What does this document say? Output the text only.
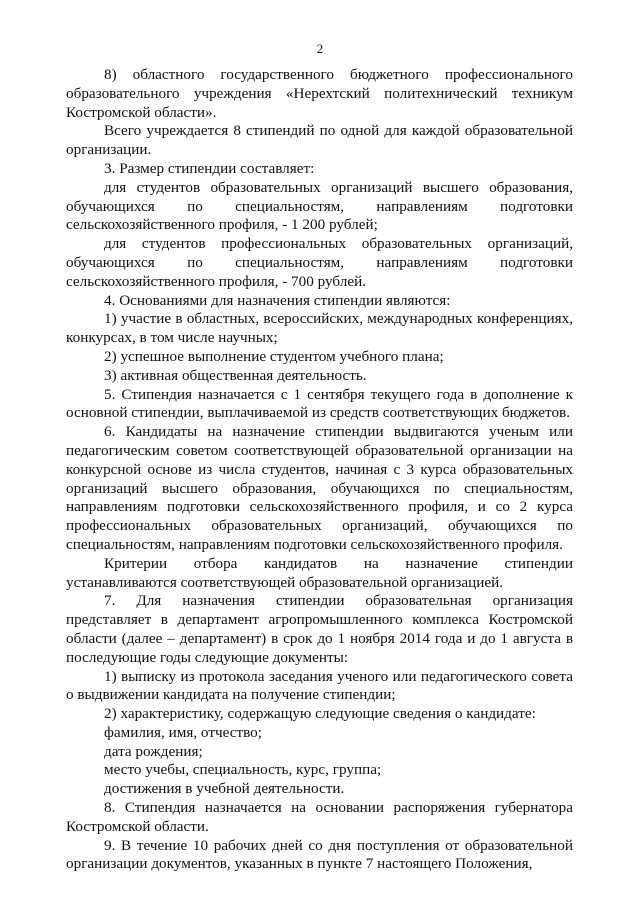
2

8) областного государственного бюджетного профессионального образовательного учреждения «Нерехтский политехнический техникум Костромской области».

Всего учреждается 8 стипендий по одной для каждой образовательной организации.

3. Размер стипендии составляет:

для студентов образовательных организаций высшего образования, обучающихся по специальностям, направлениям подготовки сельскохозяйственного профиля, - 1 200 рублей;

для студентов профессиональных образовательных организаций, обучающихся по специальностям, направлениям подготовки сельскохозяйственного профиля, - 700 рублей.

4. Основаниями для назначения стипендии являются:

1) участие в областных, всероссийских, международных конференциях, конкурсах, в том числе научных;

2) успешное выполнение студентом учебного плана;

3) активная общественная деятельность.

5. Стипендия назначается с 1 сентября текущего года в дополнение к основной стипендии, выплачиваемой из средств соответствующих бюджетов.

6. Кандидаты на назначение стипендии выдвигаются ученым или педагогическим советом соответствующей образовательной организации на конкурсной основе из числа студентов, начиная с 3 курса образовательных организаций высшего образования, обучающихся по специальностям, направлениям подготовки сельскохозяйственного профиля, и со 2 курса профессиональных образовательных организаций, обучающихся по специальностям, направлениям подготовки сельскохозяйственного профиля.

Критерии отбора кандидатов на назначение стипендии устанавливаются соответствующей образовательной организацией.

7. Для назначения стипендии образовательная организация представляет в департамент агропромышленного комплекса Костромской области (далее – департамент) в срок до 1 ноября 2014 года и до 1 августа в последующие годы следующие документы:

1) выписку из протокола заседания ученого или педагогического совета о выдвижении кандидата на получение стипендии;

2) характеристику, содержащую следующие сведения о кандидате:

фамилия, имя, отчество;

дата рождения;

место учебы, специальность, курс, группа;

достижения в учебной деятельности.

8. Стипендия назначается на основании распоряжения губернатора Костромской области.

9. В течение 10 рабочих дней со дня поступления от образовательной организации документов, указанных в пункте 7 настоящего Положения,
